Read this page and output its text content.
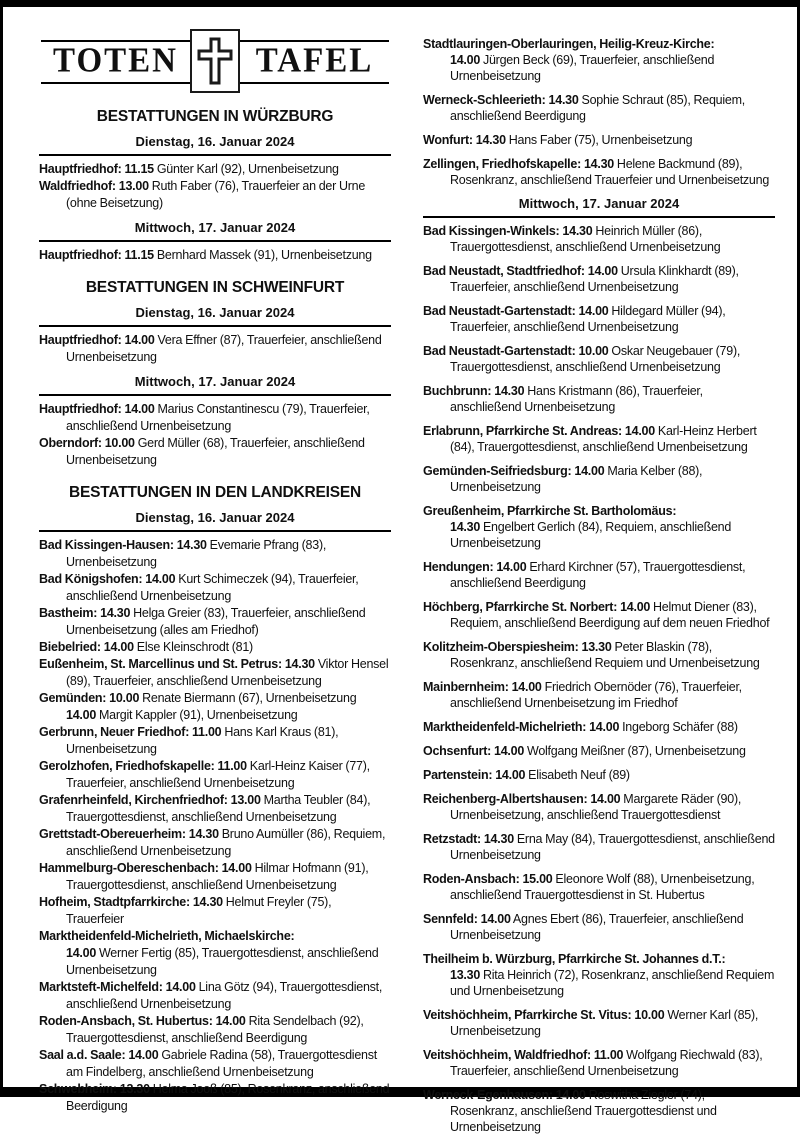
TOTEN	TAFEL
BESTATTUNGEN IN WÜRZBURG
Dienstag, 16. Januar 2024

Hauptfriedhof: 11.15 Günter Karl (92), Urnenbeisetzung

Waldfriedhof: 13.00 Ruth Faber (76), Trauerfeier an der Urne (ohne Beisetzung)

Mittwoch, 17. Januar 2024

Hauptfriedhof: 11.15 Bernhard Massek (91), Urnenbeisetzung

BESTATTUNGEN IN SCHWEINFURT
Dienstag, 16. Januar 2024

Hauptfriedhof: 14.00 Vera Effner (87), Trauerfeier, anschließend Urnenbeisetzung

Mittwoch, 17. Januar 2024

Hauptfriedhof: 14.00 Marius Constantinescu (79), Trauerfeier, anschließend Urnenbeisetzung

Oberndorf: 10.00 Gerd Müller (68), Trauerfeier, anschließend Urnenbeisetzung

BESTATTUNGEN IN DEN LANDKREISEN
Dienstag, 16. Januar 2024

Bad Kissingen-Hausen: 14.30 Evemarie Pfrang (83), Urnenbeisetzung

Bad Königshofen: 14.00 Kurt Schimeczek (94), Trauerfeier, anschließend Urnenbeisetzung

Bastheim: 14.30 Helga Greier (83), Trauerfeier, anschließend Urnenbeisetzung (alles am Friedhof)

Biebelried: 14.00 Else Kleinschrodt (81)

Eußenheim, St. Marcellinus und St. Petrus: 14.30 Viktor Hensel (89), Trauerfeier, anschließend Urnenbeisetzung

Gemünden: 10.00 Renate Biermann (67), Urnenbeisetzung
14.00 Margit Kappler (91), Urnenbeisetzung

Gerbrunn, Neuer Friedhof: 11.00 Hans Karl Kraus (81), Urnenbeisetzung

Gerolzhofen, Friedhofskapelle: 11.00 Karl-Heinz Kaiser (77), Trauerfeier, anschließend Urnenbeisetzung

Grafenrheinfeld, Kirchenfriedhof: 13.00 Martha Teubler (84), Trauergottesdienst, anschließend Urnenbeisetzung

Grettstadt-Obereuerheim: 14.30 Bruno Aumüller (86), Requiem, anschließend Urnenbeisetzung

Hammelburg-Obereschenbach: 14.00 Hilmar Hofmann (91), Trauergottesdienst, anschließend Urnenbeisetzung

Hofheim, Stadtpfarrkirche: 14.30 Helmut Freyler (75), Trauerfeier

Marktheidenfeld-Michelrieth, Michaelskirche:
14.00 Werner Fertig (85), Trauergottesdienst, anschließend Urnenbeisetzung

Marktsteft-Michelfeld: 14.00 Lina Götz (94), Trauergottesdienst, anschließend Urnenbeisetzung

Roden-Ansbach, St. Hubertus: 14.00 Rita Sendelbach (92), Trauergottesdienst, anschließend Beerdigung

Saal a.d. Saale: 14.00 Gabriele Radina (58), Trauergottesdienst am Findelberg, anschließend Urnenbeisetzung

Schwebheim: 13.30 Helma Jooß (85), Rosenkranz, anschließend Beerdigung

Stadtlauringen-Oberlauringen, Heilig-Kreuz-Kirche:
14.00 Jürgen Beck (69), Trauerfeier, anschließend Urnenbeisetzung

Werneck-Schleerieth: 14.30 Sophie Schraut (85), Requiem, anschließend Beerdigung

Wonfurt: 14.30 Hans Faber (75), Urnenbeisetzung

Zellingen, Friedhofskapelle: 14.30 Helene Backmund (89), Rosenkranz, anschließend Trauerfeier und Urnenbeisetzung

Mittwoch, 17. Januar 2024

Bad Kissingen-Winkels: 14.30 Heinrich Müller (86), Trauergottesdienst, anschließend Urnenbeisetzung

Bad Neustadt, Stadtfriedhof: 14.00 Ursula Klinkhardt (89), Trauerfeier, anschließend Urnenbeisetzung

Bad Neustadt-Gartenstadt: 14.00 Hildegard Müller (94), Trauerfeier, anschließend Urnenbeisetzung

Bad Neustadt-Gartenstadt: 10.00 Oskar Neugebauer (79), Trauergottesdienst, anschließend Urnenbeisetzung

Buchbrunn: 14.30 Hans Kristmann (86), Trauerfeier, anschließend Urnenbeisetzung

Erlabrunn, Pfarrkirche St. Andreas: 14.00 Karl-Heinz Herbert (84), Trauergottesdienst, anschließend Urnenbeisetzung

Gemünden-Seifriedsburg: 14.00 Maria Kelber (88), Urnenbeisetzung

Greußenheim, Pfarrkirche St. Bartholomäus:
14.30 Engelbert Gerlich (84), Requiem, anschließend Urnenbeisetzung

Hendungen: 14.00 Erhard Kirchner (57), Trauergottesdienst, anschließend Beerdigung

Höchberg, Pfarrkirche St. Norbert: 14.00 Helmut Diener (83), Requiem, anschließend Beerdigung auf dem neuen Friedhof

Kolitzheim-Oberspiesheim: 13.30 Peter Blaskin (78), Rosenkranz, anschließend Requiem und Urnenbeisetzung

Mainbernheim: 14.00 Friedrich Obernöder (76), Trauerfeier, anschließend Urnenbeisetzung im Friedhof

Marktheidenfeld-Michelrieth: 14.00 Ingeborg Schäfer (88)

Ochsenfurt: 14.00 Wolfgang Meißner (87), Urnenbeisetzung

Partenstein: 14.00 Elisabeth Neuf (89)

Reichenberg-Albertshausen: 14.00 Margarete Räder (90), Urnenbeisetzung, anschließend Trauergottesdienst

Retzstadt: 14.30 Erna May (84), Trauergottesdienst, anschließend Urnenbeisetzung

Roden-Ansbach: 15.00 Eleonore Wolf (88), Urnenbeisetzung, anschließend Trauergottesdienst in St. Hubertus

Sennfeld: 14.00 Agnes Ebert (86), Trauerfeier, anschließend Urnenbeisetzung

Theilheim b. Würzburg, Pfarrkirche St. Johannes d.T.:
13.30 Rita Heinrich (72), Rosenkranz, anschließend Requiem und Urnenbeisetzung

Veitshöchheim, Pfarrkirche St. Vitus: 10.00 Werner Karl (85), Urnenbeisetzung

Veitshöchheim, Waldfriedhof: 11.00 Wolfgang Riechwald (83), Trauerfeier, anschließend Urnenbeisetzung

Werneck-Egenhausen: 14.00 Roswitha Ziegler (74), Rosenkranz, anschließend Trauergottesdienst und Urnenbeisetzung
